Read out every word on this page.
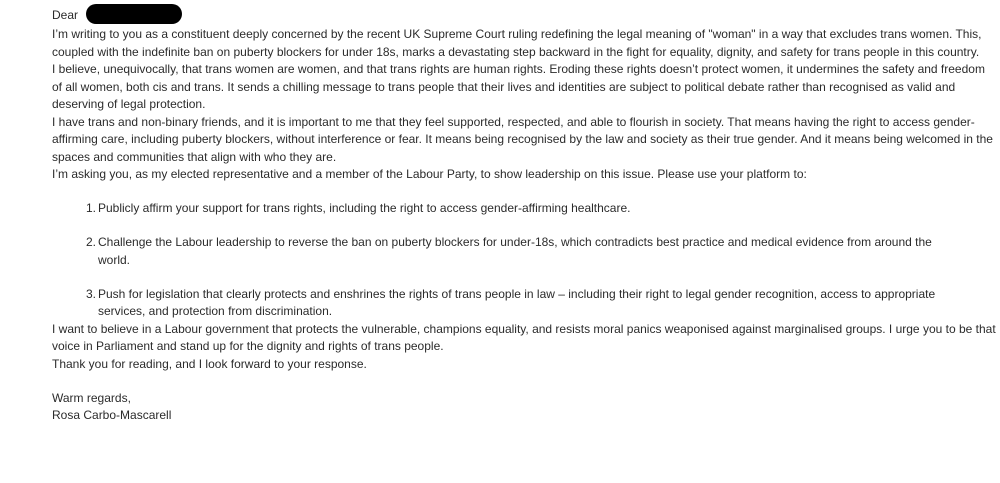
Dear

I’m writing to you as a constituent deeply concerned by the recent UK Supreme Court ruling redefining the legal meaning of "woman" in a way that excludes trans women. This, coupled with the indefinite ban on puberty blockers for under 18s, marks a devastating step backward in the fight for equality, dignity, and safety for trans people in this country.

I believe, unequivocally, that trans women are women, and that trans rights are human rights. Eroding these rights doesn’t protect women, it undermines the safety and freedom of all women, both cis and trans. It sends a chilling message to trans people that their lives and identities are subject to political debate rather than recognised as valid and deserving of legal protection.

I have trans and non-binary friends, and it is important to me that they feel supported, respected, and able to flourish in society. That means having the right to access gender-affirming care, including puberty blockers, without interference or fear. It means being recognised by the law and society as their true gender. And it means being welcomed in the spaces and communities that align with who they are.

I’m asking you, as my elected representative and a member of the Labour Party, to show leadership on this issue. Please use your platform to:

1. Publicly affirm your support for trans rights, including the right to access gender-affirming healthcare.
2. Challenge the Labour leadership to reverse the ban on puberty blockers for under-18s, which contradicts best practice and medical evidence from around the world.
3. Push for legislation that clearly protects and enshrines the rights of trans people in law – including their right to legal gender recognition, access to appropriate services, and protection from discrimination.

I want to believe in a Labour government that protects the vulnerable, champions equality, and resists moral panics weaponised against marginalised groups. I urge you to be that voice in Parliament and stand up for the dignity and rights of trans people.

Thank you for reading, and I look forward to your response.

Warm regards,
Rosa Carbo-Mascarell
